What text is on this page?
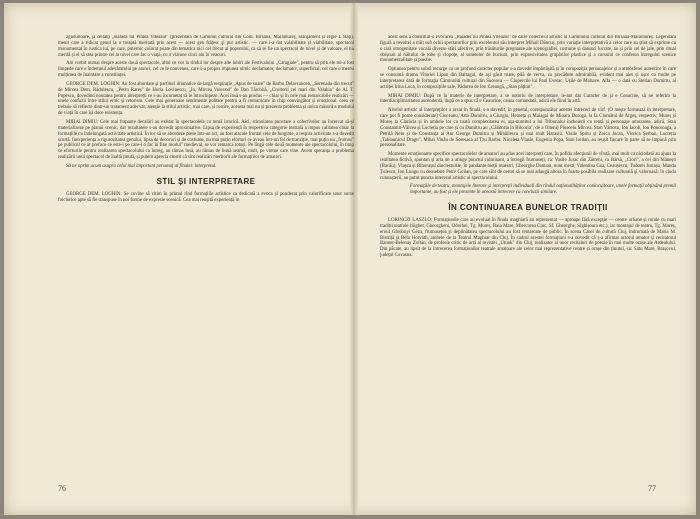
zguduitoare, și ceilalți „Balada lui Pintea Viteazul" (prezentată de Căminul cultural din Com. Birsana, Maramureș, aranjament și regie I. Rați), menit care a ridicat genul la o treaptă meritată prin acest — acest gen frățesc și pur artistic. — care i-a dat valabilitate și viabilitate, spectacol monumental în rustica lui, pe care, puternic colorat poate din tematica nici cel trecut al poporului, ca să se fie un spectacol de nivel și de valoare, el nu merită și el să stea printre cei la nivel care fac o viață, cu o viziune cinci ani în veacuri.

Am vorbit numai despre aceste două spectacole, altul ce vor la rîndul lor despre alte iubiri ale Festivalului „Caragiale", pentru să prin ele mi-a fost limpede care e îndemnul adevăratului pe atunci, cel ce le convenea, care s-a propus impunea nimic declamator, declamativ, superficial, cel care e mereu mulțimea de înaintare a constiinței.

GEORGE DEM. LOGHIN: Au fost abordate și partituri dramatice de largă respirație „Apus de soare" de Barbu Delavrancea, „Serenada din trecut" de Mircea Dem. Rădulescu, „Petru Rareș" de Horia Lovinescu, „Io, Mircea Voievod" de Dan Tărchilă, „Croitorii cei mari din Valahia" de Al. T. Popescu, dovedind noutatea pentru interpreții ce s-au încumetat să le întruchipeze. Acei însă s-au produs — chiar și în cele mai remarcabile realizări — unele confuzii între stilul eroic și retorism. Cele mai generoase sentimente politice pentru a fi comunicate în chip convingător și emoțional. ceea ce trebuie să reflecte dintr-un tratament adecvat, atenție la stilul artistic, mai care, și rostire, aceasta mai nu și prezenta problema și unica măsură a modului de viață în care își duce existența.

MIHAI DIMIU: Cele mai frapante decalări au existat în spectacolele cu temă istorică. Aici, stimularea punctare a colectivelor au încercat să-și materializeze pe planul scenic, dar rezultatele s-au dovedit aproximative. Lipsa de experiență în respectiva categorie teatrală a impus calitatea chiar la formațiile cu îndelungată activitate artistică. În loc să se abordeze piese într-un act, au fost atacate frontal cele de lungime, a respira activitate s-a dovedit scurtă. Inexperiența a rigurozitatea genului, lipsa de decoruri și de costume, nu mai puțin eforturi ce aveau într-un fel de tranziție, mai puțin nu „frumos" pe publicul ce ar preface ce este-i pe care-l o fac în fine modul" medieval, se vor remarca totuși. Pe lîngă cele două momente ale spectacolului, în timp ce eforturile pentru realizarea spectacolului ca întreg, au rămas însă, au rămas de bună seamă, mult, pe vreme care vine. Avem speranța a problema realizării unui spectacol de înaltă ținută, și putem aprecia cinstit că sînt realizări meritorii ale formațiilor de amatori.

Să ne oprim acum asupra celui mai important personaj al finalei: interpretul.

STIL ȘI INTERPRETARE

GEORGE DEM. LOGHIN: Se cuvine să citim în primul rînd formațiile artistice ca dedicată a evoca și ponderat prin valorificare unor surse folclorice apte să fie transpuse în noi forme de expresie scenică. Cea mai reușită experiență în

76

acest sens a constituit-o evocarea „Baladei lui Pintea Viteazul" de către colectivul artistic al Căminului cultural din Birsana-Maramureș. Legendara figură a revoltei a trăit sub ochii spectatorilor prin excelentul său interpret Mihail Dăncuș, prin variație interpretativă a celor care au știut să exprime cu o rară omogenitate vocală diverse stări afective, prin trăsăturile pregnante ale scenografiei, costume și dansuri lucrate, au și prin cel de jale, prin ritual obișnuit al hăitului de tobe și clopoțe, al sunetelor de bucium, prin expresivitatea grupărilor plastice și a cursului ce conferea întregului scenice monumentalitate și poezie.

Optiunea pentru sobră recurge ca un profund caracter popular s-a dovedit împărtășită și în compoziția personajelor și a atmosferei autentice în care se consumă drama Vitoriei Lipan din Baltagul, de ași găsit toate, pilă de verva, cu precădere admirabilă, evident mai ales și ușor cu multe pe interpretarea dată de formația Căminului cultural din Suceava — Ciupercile lui Paul Everac, Ușile de Mohave. Alfa — o dată cu Stelian Dumitru, al actriței Irina Luca, în compozițiile sale, Pădurea de Ion Creangă, „Stan pățitul".

MIHAI DIMIU: După ce în materie de interpretare, a se notoriu de interpretare, le-am dat Caracter de și e Ceaucine, să ne referim la interdisciplinaritatea ascendentă, după ce a spus că e Ceaucine, cauza comandată, adică ele fiind în artă.

Nivelul artistic al interpreților a urcat în finală, s-a dovedit, în general, corespunzător acestei întreceri de vîrf. (O mește formează în interpretare, care pot fi pome considerate) Ciuceanu, Arta Dumitru, a Giurgiu, Heineța și Maiagal de Mioara Doroga, la Ia Ciumătul de Argeș, respectiv, Mureș și Mureș la Clarăcia și în ambele lor cu toată complexitatea ei, așa-numitul a lui Tribunalul încheierii cu tentă și personaje amuzante, adică, Stan Constantin-Vălcea și Lucreția pe care și cu Dumitru au „Călătoria în Bilcoria", de a Olteni) Pluscelu Mircea. Stan Vârtosu, Ion Iacob, Ion Ponoroaga, a Petrilă Nelu și de Constanța al Aur George Dumitru și Mihăilescu și mai mult Harasiu. Vasile Spinu și Zoica Jucan, Viorica Șerban, Lucreția „Tablaunicul Dragu", Mihai Vinău de Soresaca al Tzu Barbu: Nicoleta Vlasie, Eugenia Popa, Stan Iordan, au reușit fiecare în parte să se impună prin personalitate.

Momente emoționante specifice spectacolelor de amatori au adus acei interpreți care, în pofida afecțiunii de vîrstă, mai mult ca niciodată au ajuns la realitatea fictivă, spontan și arta de a atinge punctul culminant, a întregii frumuseți, ca: Vasile Jurac din Zătreni, ca Bârsă, „Ciori", a cei din Mănești (Bacău), Vlașca și Bihorașul dinclesturile, în pandante bieții maestri, Gheorghe Damian, nunt mesti, Valentina Coa, Ceaușescu, Tudorei Juriașu, Manda Țulescu, Ion Lungu cu deosebire Petre Goilan, pe care sînt de certat să se mai adaugă altora în foarte posibila realizare culturală și valoroasă: în ciuda cunoașterii, au putut puncta interesul artistic al spectacolului.

Formațiile de teatru, montajele literare și interpreții individuali din rîndul naționalităților conlocuitoare, unele formații obținând premii importante, au fost și ele prezente în această întrecere cu concluzii similare.

ÎN CONTINUAREA BUNELOR TRADIȚII

LORINCZI LASZLO: Formațiunile care au evoluat în finala maghiară au reprezentat — aproape fără excepție — centre urbane și rurale cu mari tradiții teatrale (Sighet, Gheorgheni, Odorhei, Tg. Mureș, Baia Mare, Miercurea Ciuc, Sf. Gheorghe, Sighișoara etc.), iar montajul de teatru, Tg. Mureș, eroul Gárdonyi Géza, frumusețea și deplinătatea spectacolului au fost remarcate de public. În scena Casei de cultură Cluj, îndrumată de Maria M. Bistriță și Béla Horváth, ambele de la Teatrul Maghiar din Cluj. În cadrul acestei formațiuni s-a dovedit că ș-a afirmat actorul amator și recitatorul Banner-Belenay Zoltán, de profesie critic de artă al revistei „Utunk" din Cluj, realizator al unor recitaluri de poezie în mai multe orașe ale Ardealului. Din păcate, au lipsit de la întrecerea formațiunilor teatrale amatoare ale celor mai reprezentative centre și orașe din ținutul, ca: Satu Mare, Brașovul, județul Covasna.

77
